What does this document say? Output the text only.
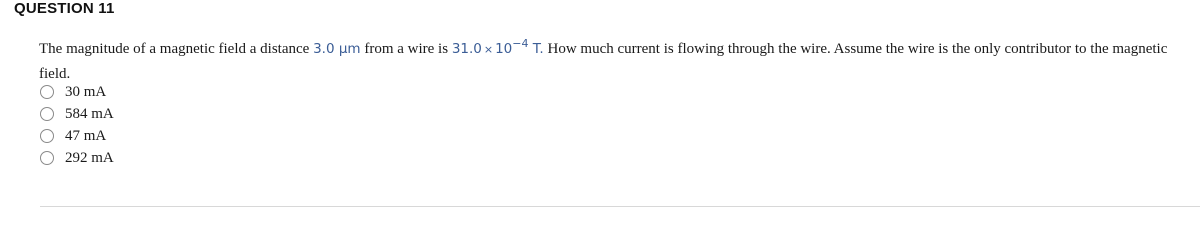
QUESTION 11
The magnitude of a magnetic field a distance 3.0 μm from a wire is $31.0 \times 10^{-4}$ T. How much current is flowing through the wire. Assume the wire is the only contributor to the magnetic field.
30 mA
584 mA
47 mA
292 mA
